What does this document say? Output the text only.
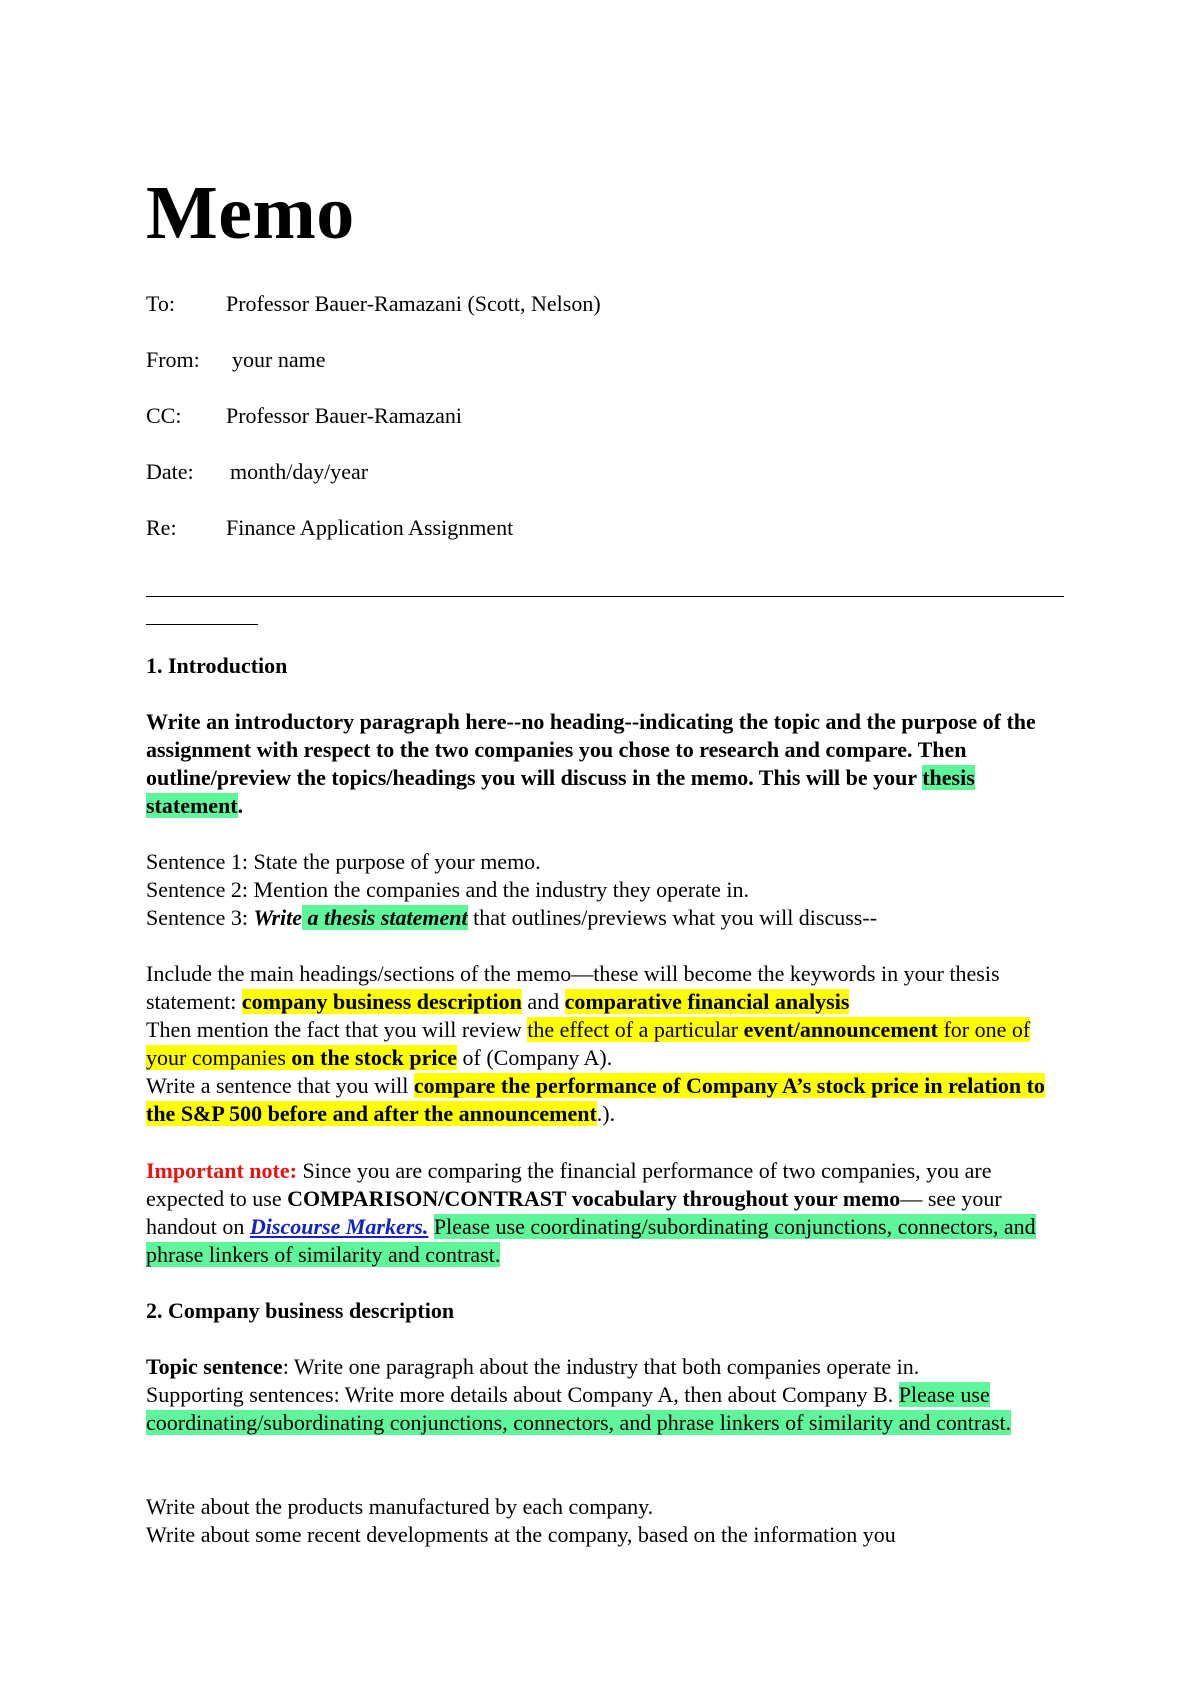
Memo
To: Professor Bauer-Ramazani (Scott, Nelson)
From: your name
CC: Professor Bauer-Ramazani
Date: month/day/year
Re: Finance Application Assignment

1. Introduction

Write an introductory paragraph here--no heading--indicating the topic and the purpose of the assignment with respect to the two companies you chose to research and compare. Then outline/preview the topics/headings you will discuss in the memo. This will be your thesis statement.

Sentence 1: State the purpose of your memo.

Sentence 2: Mention the companies and the industry they operate in.

Sentence 3: Write a thesis statement that outlines/previews what you will discuss--

Include the main headings/sections of the memo—these will become the keywords in your thesis statement: company business description and comparative financial analysis

Then mention the fact that you will review the effect of a particular event/announcement for one of your companies on the stock price of (Company A).

Write a sentence that you will compare the performance of Company A’s stock price in relation to the S&P 500 before and after the announcement.).

Important note: Since you are comparing the financial performance of two companies, you are expected to use COMPARISON/CONTRAST vocabulary throughout your memo— see your handout on Discourse Markers. Please use coordinating/subordinating conjunctions, connectors, and phrase linkers of similarity and contrast.

2. Company business description

Topic sentence: Write one paragraph about the industry that both companies operate in.

Supporting sentences: Write more details about Company A, then about Company B. Please use coordinating/subordinating conjunctions, connectors, and phrase linkers of similarity and contrast.

Write about the products manufactured by each company.

Write about some recent developments at the company, based on the information you
